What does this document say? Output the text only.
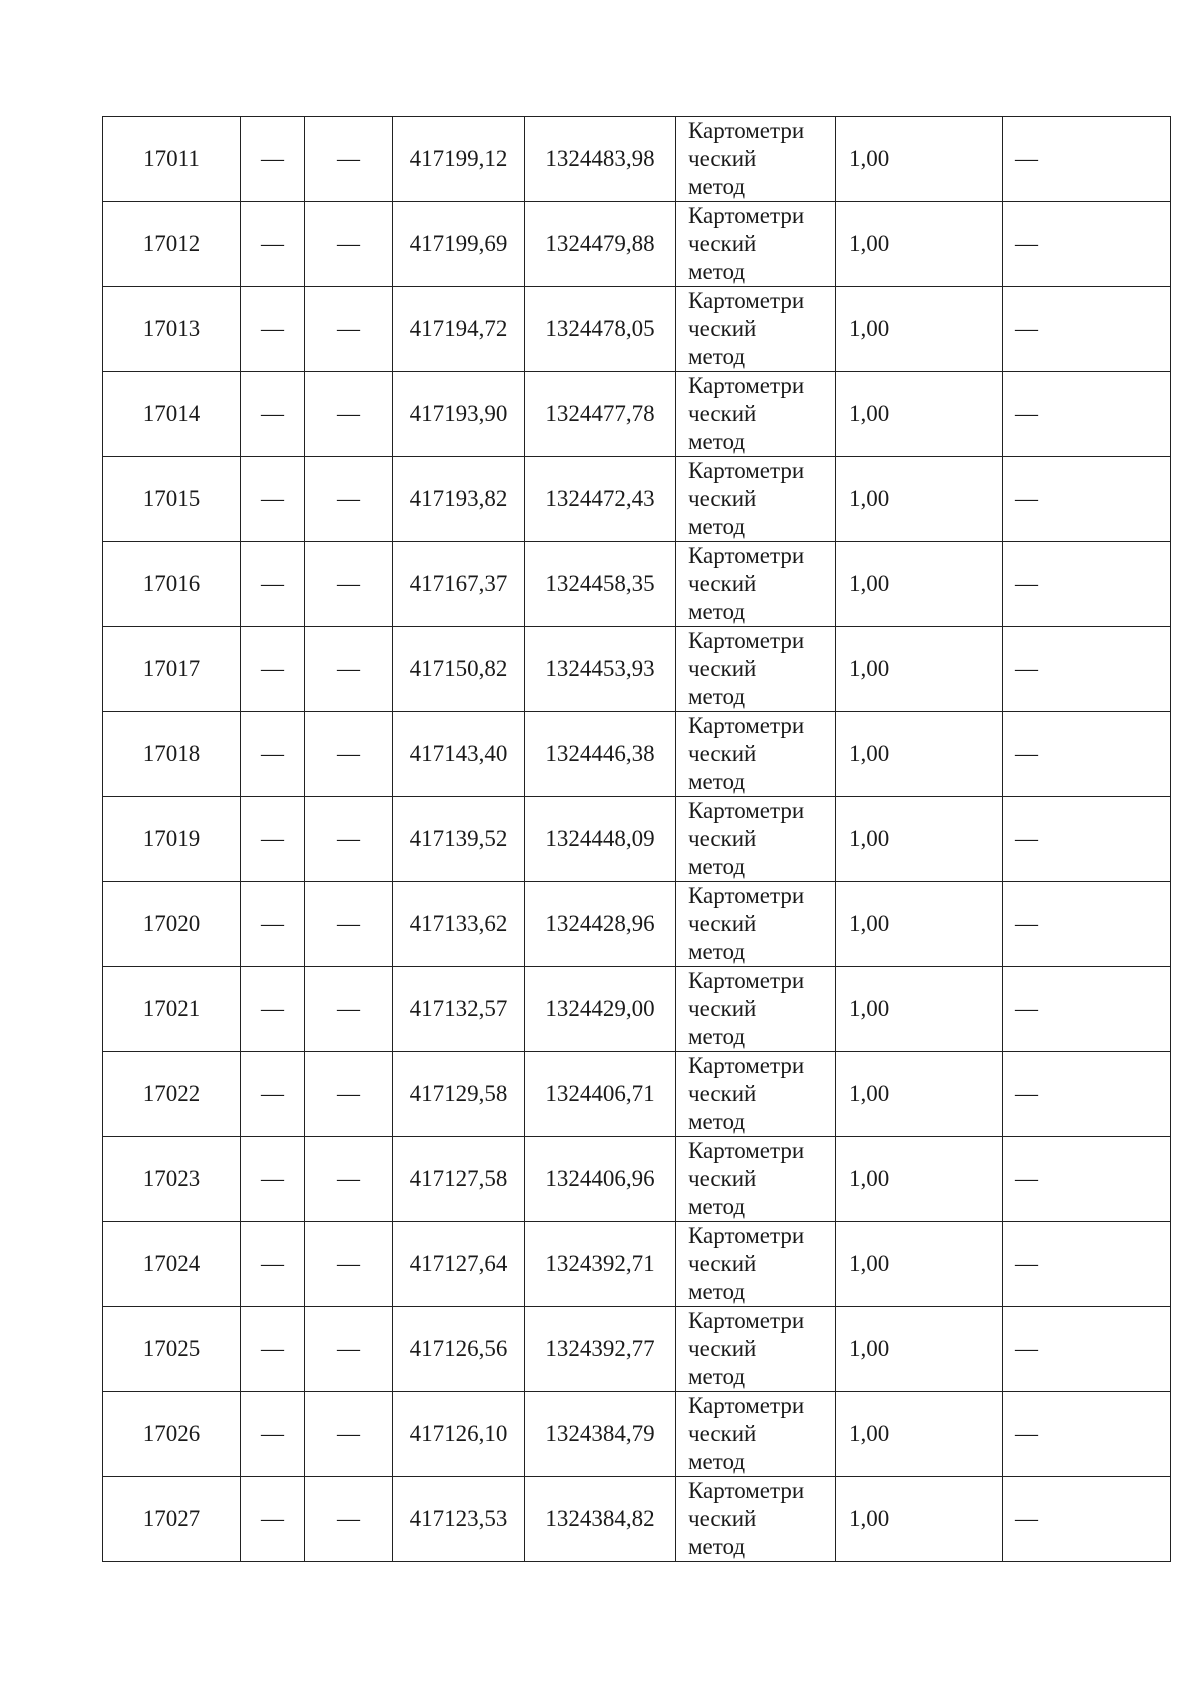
17011	—	—	417199,12	1324483,98	Картометри
ческий
метод	1,00	—
17012	—	—	417199,69	1324479,88	Картометри
ческий
метод	1,00	—
17013	—	—	417194,72	1324478,05	Картометри
ческий
метод	1,00	—
17014	—	—	417193,90	1324477,78	Картометри
ческий
метод	1,00	—
17015	—	—	417193,82	1324472,43	Картометри
ческий
метод	1,00	—
17016	—	—	417167,37	1324458,35	Картометри
ческий
метод	1,00	—
17017	—	—	417150,82	1324453,93	Картометри
ческий
метод	1,00	—
17018	—	—	417143,40	1324446,38	Картометри
ческий
метод	1,00	—
17019	—	—	417139,52	1324448,09	Картометри
ческий
метод	1,00	—
17020	—	—	417133,62	1324428,96	Картометри
ческий
метод	1,00	—
17021	—	—	417132,57	1324429,00	Картометри
ческий
метод	1,00	—
17022	—	—	417129,58	1324406,71	Картометри
ческий
метод	1,00	—
17023	—	—	417127,58	1324406,96	Картометри
ческий
метод	1,00	—
17024	—	—	417127,64	1324392,71	Картометри
ческий
метод	1,00	—
17025	—	—	417126,56	1324392,77	Картометри
ческий
метод	1,00	—
17026	—	—	417126,10	1324384,79	Картометри
ческий
метод	1,00	—
17027	—	—	417123,53	1324384,82	Картометри
ческий
метод	1,00	—
